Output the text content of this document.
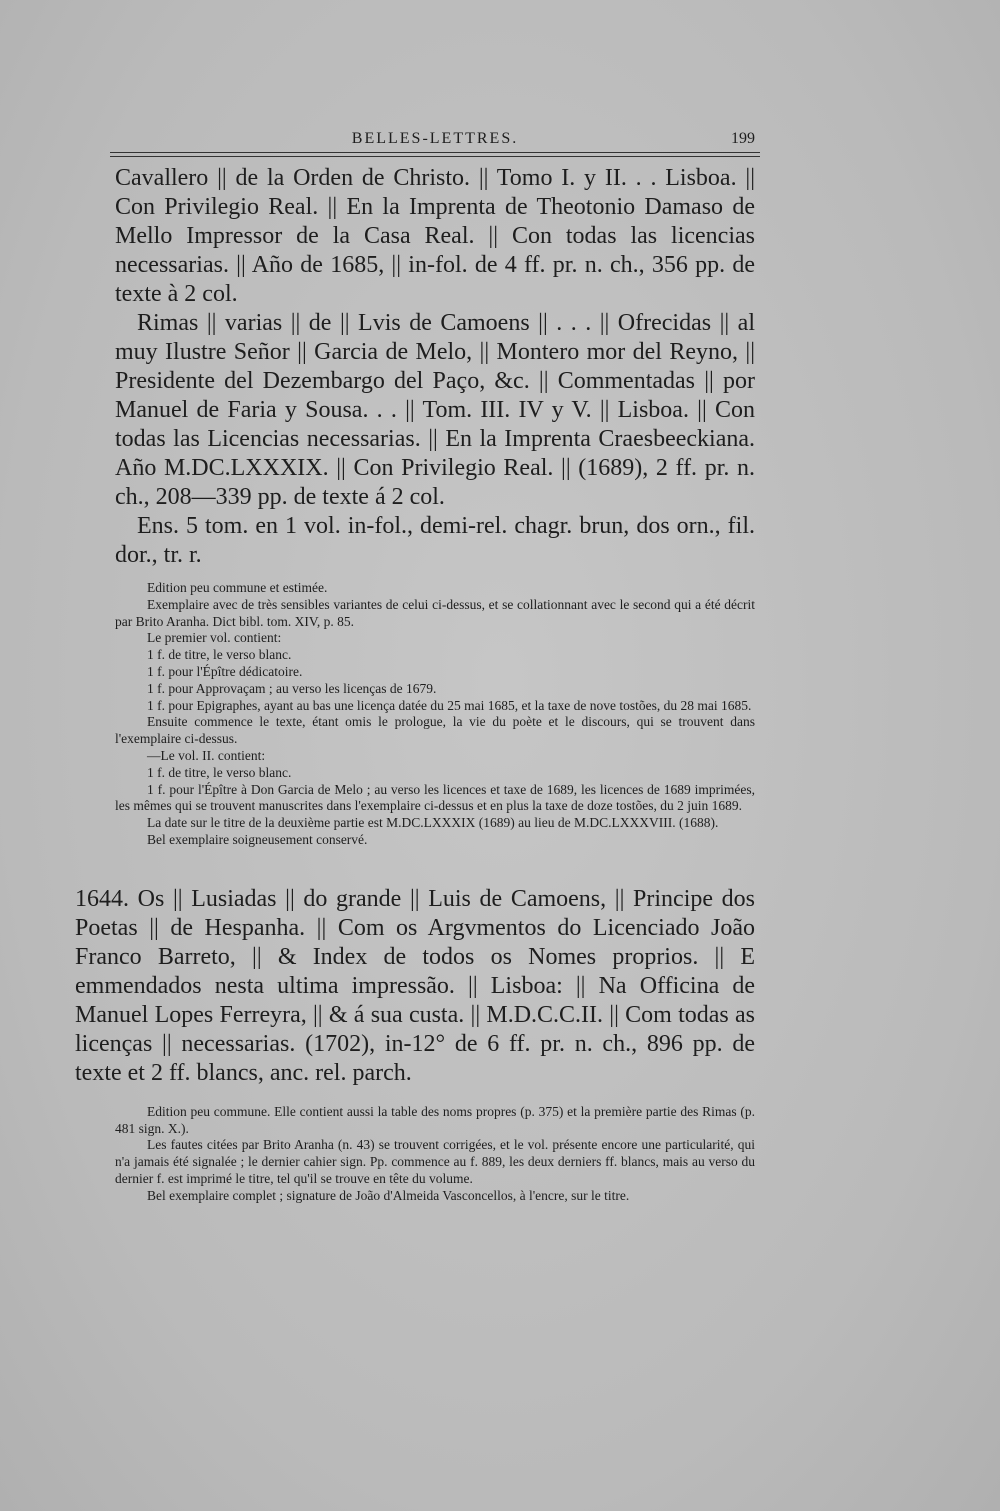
BELLES-LETTRES.	199

Cavallero || de la Orden de Christo. || Tomo I. y II. . . Lisboa. || Con Privilegio Real. || En la Imprenta de Theotonio Damaso de Mello Impressor de la Casa Real. || Con todas las licencias necessarias. || Año de 1685, || in-fol. de 4 ff. pr. n. ch., 356 pp. de texte à 2 col.

Rimas || varias || de || Lvis de Camoens || . . . || Ofrecidas || al muy Ilustre Señor || Garcia de Melo, || Montero mor del Reyno, || Presidente del Dezembargo del Paço, &c. || Commentadas || por Manuel de Faria y Sousa. . . || Tom. III. IV y V. || Lisboa. || Con todas las Licencias necessarias. || En la Imprenta Craesbeeckiana. Año M.DC.LXXXIX. || Con Privilegio Real. || (1689), 2 ff. pr. n. ch., 208—339 pp. de texte á 2 col.

Ens. 5 tom. en 1 vol. in-fol., demi-rel. chagr. brun, dos orn., fil. dor., tr. r.

Edition peu commune et estimée.

Exemplaire avec de très sensibles variantes de celui ci-dessus, et se collationnant avec le second qui a été décrit par Brito Aranha. Dict bibl. tom. XIV, p. 85.

Le premier vol. contient:

1 f. de titre, le verso blanc.

1 f. pour l'Épître dédicatoire.

1 f. pour Approvaçam ; au verso les licenças de 1679.

1 f. pour Epigraphes, ayant au bas une licença datée du 25 mai 1685, et la taxe de nove tostões, du 28 mai 1685.

Ensuite commence le texte, étant omis le prologue, la vie du poète et le discours, qui se trouvent dans l'exemplaire ci-dessus.

—Le vol. II. contient:

1 f. de titre, le verso blanc.

1 f. pour l'Épître à Don Garcia de Melo ; au verso les licences et taxe de 1689, les licences de 1689 imprimées, les mêmes qui se trouvent manuscrites dans l'exemplaire ci-dessus et en plus la taxe de doze tostões, du 2 juin 1689.

La date sur le titre de la deuxième partie est M.DC.LXXXIX (1689) au lieu de M.DC.LXXXVIII. (1688).

Bel exemplaire soigneusement conservé.

1644. Os || Lusiadas || do grande || Luis de Camoens, || Principe dos Poetas || de Hespanha. || Com os Argvmentos do Licenciado João Franco Barreto, || & Index de todos os Nomes proprios. || E emmendados nesta ultima impressão. || Lisboa: || Na Officina de Manuel Lopes Ferreyra, || & á sua custa. || M.D.C.C.II. || Com todas as licenças || necessarias. (1702), in-12° de 6 ff. pr. n. ch., 896 pp. de texte et 2 ff. blancs, anc. rel. parch.

Edition peu commune. Elle contient aussi la table des noms propres (p. 375) et la première partie des Rimas (p. 481 sign. X.).

Les fautes citées par Brito Aranha (n. 43) se trouvent corrigées, et le vol. présente encore une particularité, qui n'a jamais été signalée ; le dernier cahier sign. Pp. commence au f. 889, les deux derniers ff. blancs, mais au verso du dernier f. est imprimé le titre, tel qu'il se trouve en tête du volume.

Bel exemplaire complet ; signature de João d'Almeida Vasconcellos, à l'encre, sur le titre.
